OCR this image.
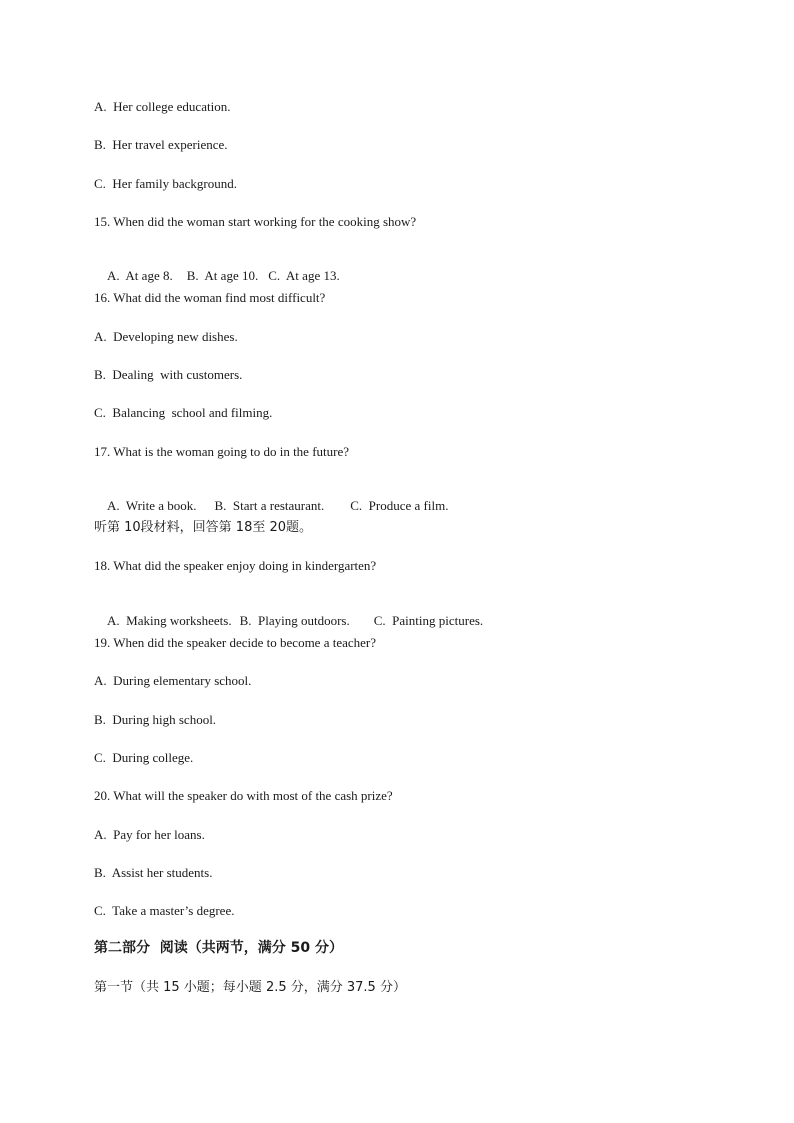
A.  Her college education.
B.  Her travel experience.
C.  Her family background.
15. When did the woman start working for the cooking show?

A.  At age 8. B.  At age 10. C.  At age 13.

16. What did the woman find most difficult?
A.  Developing new dishes.
B.  Dealing  with customers.
C.  Balancing  school and filming.
17. What is the woman going to do in the future?

A.  Write a book. B.  Start a restaurant. C.  Produce a film.

听第 10段材料，回答第 18至 20题。
18. What did the speaker enjoy doing in kindergarten?

A.  Making worksheets. B.  Playing outdoors. C.  Painting pictures.

19. When did the speaker decide to become a teacher?
A.  During elementary school.
B.  During high school.
C.  During college.
20. What will the speaker do with most of the cash prize?
A.  Pay for her loans.
B.  Assist her students.
C.  Take a master’s degree.
第二部分  阅读（共两节，满分 50 分）
第一节（共 15 小题；每小题 2.5 分，满分 37.5 分）
